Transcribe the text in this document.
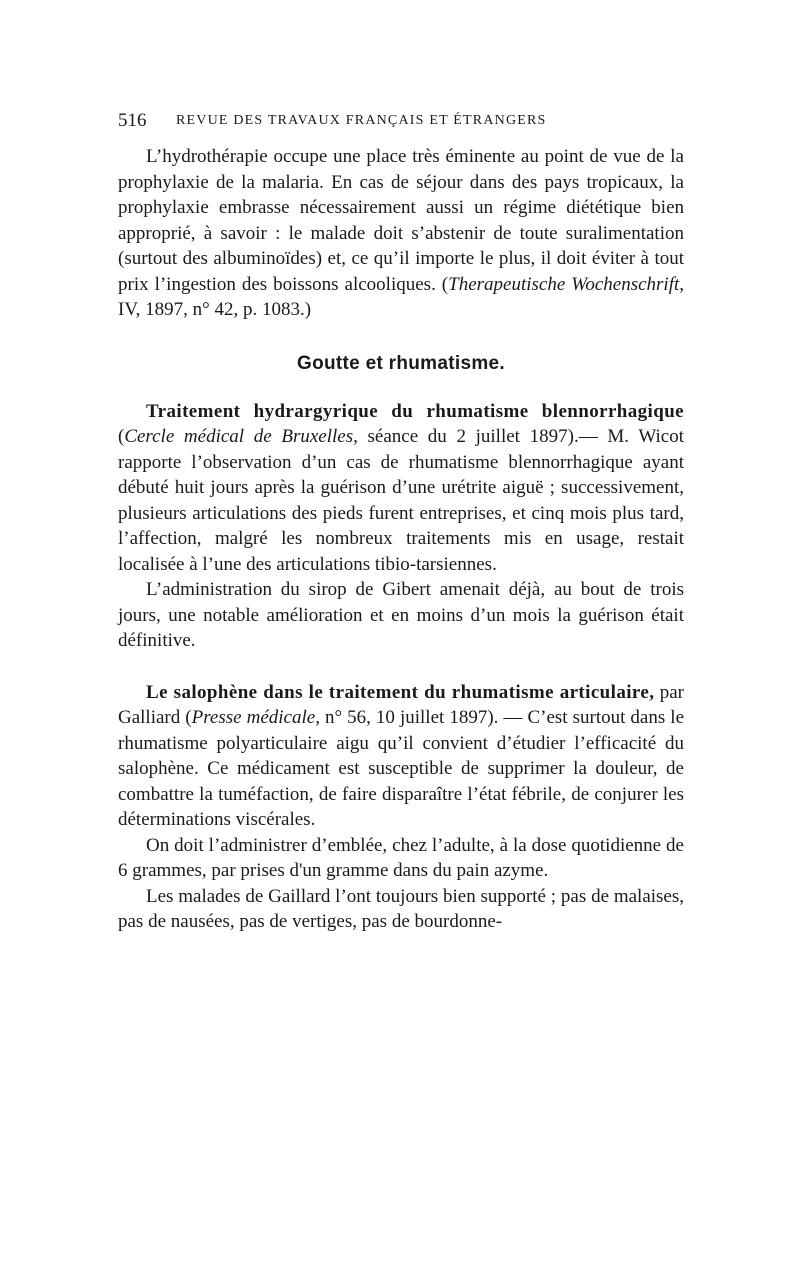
516 REVUE DES TRAVAUX FRANÇAIS ET ÉTRANGERS

L’hydrothérapie occupe une place très éminente au point de vue de la prophylaxie de la malaria. En cas de séjour dans des pays tropicaux, la prophylaxie embrasse nécessairement aussi un régime diététique bien approprié, à savoir : le malade doit s’abstenir de toute suralimentation (surtout des albuminoïdes) et, ce qu’il importe le plus, il doit éviter à tout prix l’ingestion des boissons alcooliques. (Therapeutische Wochenschrift, IV, 1897, n° 42, p. 1083.)

Goutte et rhumatisme.

Traitement hydrargyrique du rhumatisme blennorrhagique (Cercle médical de Bruxelles, séance du 2 juillet 1897).— M. Wicot rapporte l’observation d’un cas de rhumatisme blennorrhagique ayant débuté huit jours après la guérison d’une urétrite aiguë ; successivement, plusieurs articulations des pieds furent entreprises, et cinq mois plus tard, l’affection, malgré les nombreux traitements mis en usage, restait localisée à l’une des articulations tibio-tarsiennes.

L’administration du sirop de Gibert amenait déjà, au bout de trois jours, une notable amélioration et en moins d’un mois la guérison était définitive.

Le salophène dans le traitement du rhumatisme articulaire, par Galliard (Presse médicale, n° 56, 10 juillet 1897). — C’est surtout dans le rhumatisme polyarticulaire aigu qu’il convient d’étudier l’efficacité du salophène. Ce médicament est susceptible de supprimer la douleur, de combattre la tuméfaction, de faire disparaître l’état fébrile, de conjurer les déterminations viscérales.

On doit l’administrer d’emblée, chez l’adulte, à la dose quotidienne de 6 grammes, par prises d'un gramme dans du pain azyme.

Les malades de Gaillard l’ont toujours bien supporté ; pas de malaises, pas de nausées, pas de vertiges, pas de bourdonne-
